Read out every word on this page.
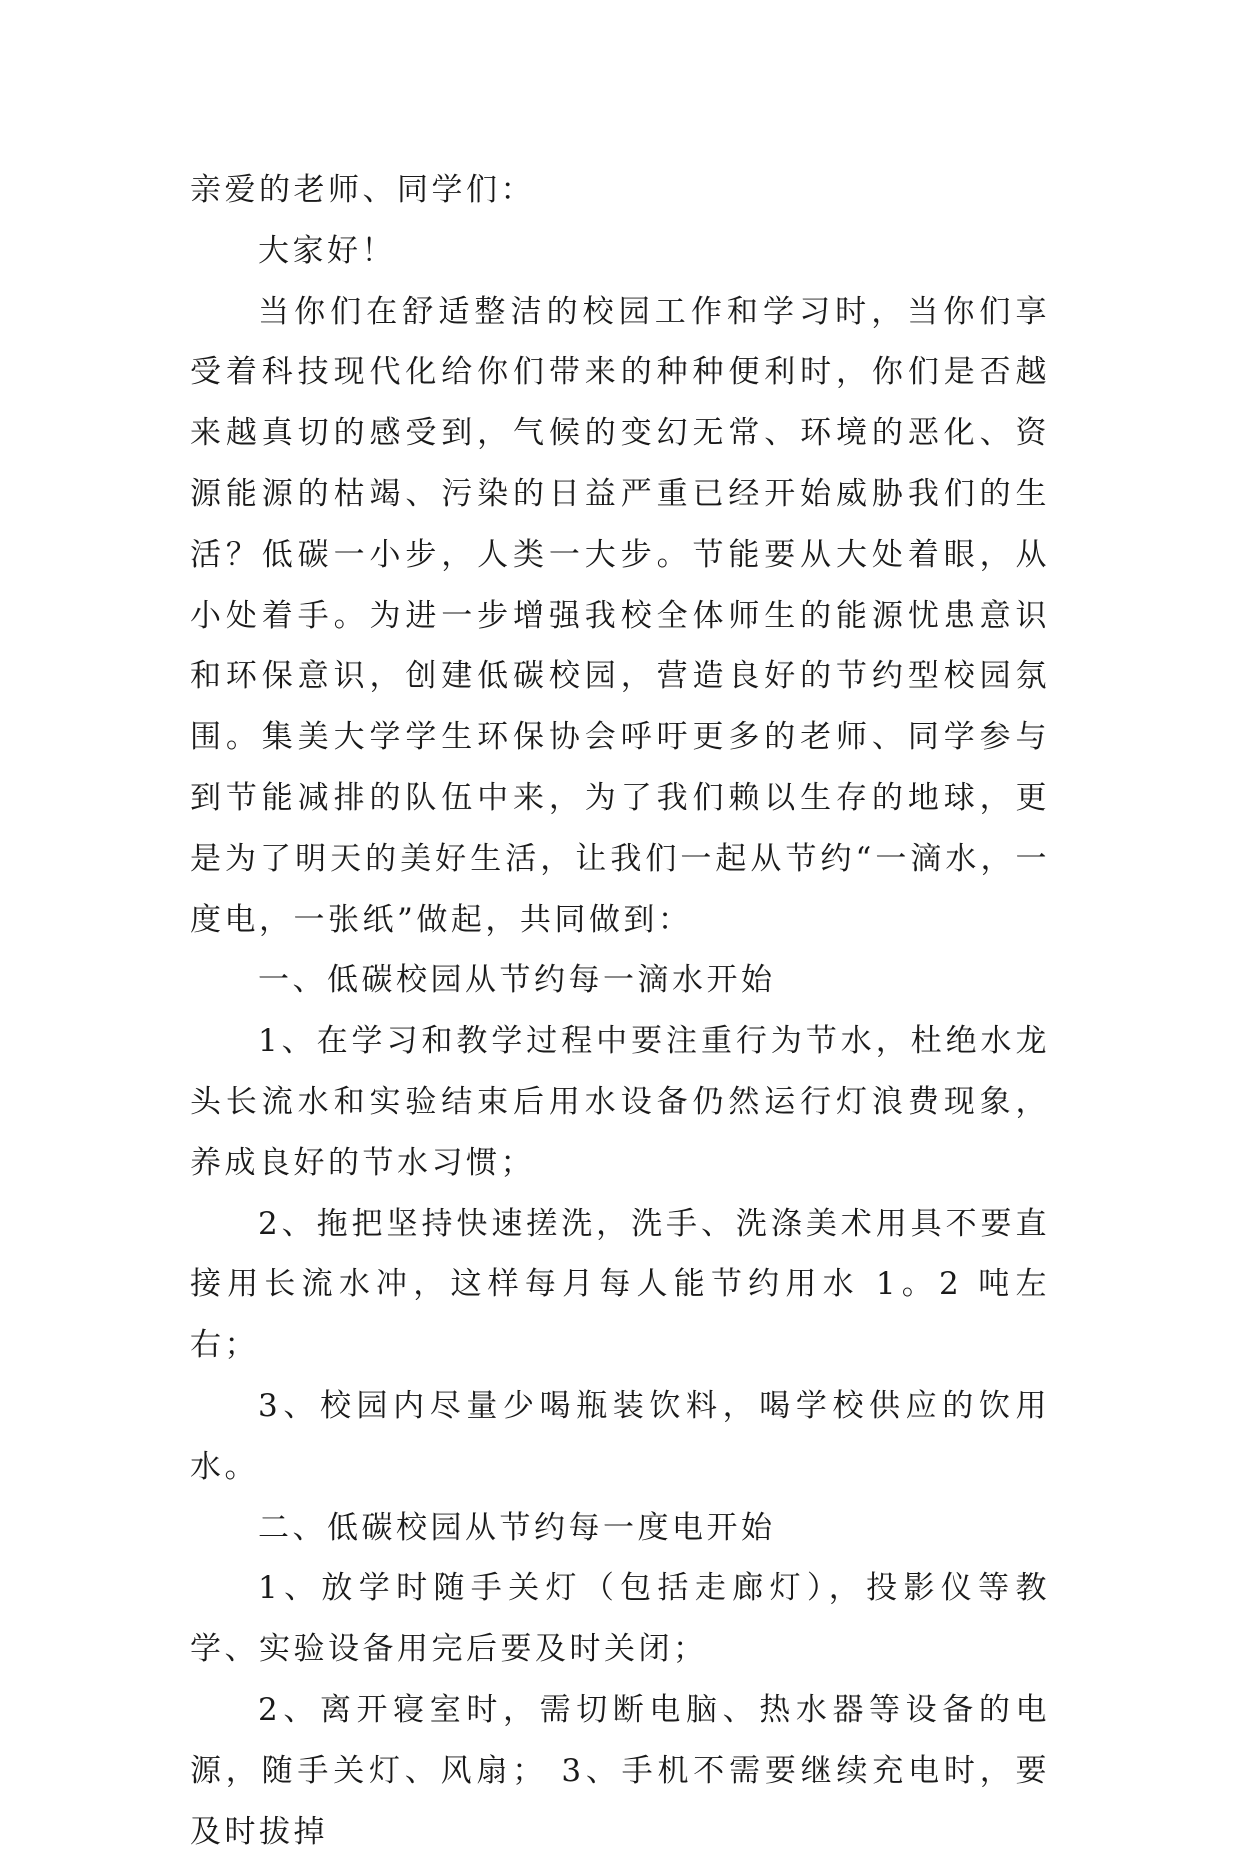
亲爱的老师、同学们：

大家好！

当你们在舒适整洁的校园工作和学习时，当你们享受着科技现代化给你们带来的种种便利时，你们是否越来越真切的感受到，气候的变幻无常、环境的恶化、资源能源的枯竭、污染的日益严重已经开始威胁我们的生活？低碳一小步，人类一大步。节能要从大处着眼，从小处着手。为进一步增强我校全体师生的能源忧患意识和环保意识，创建低碳校园，营造良好的节约型校园氛围。集美大学学生环保协会呼吁更多的老师、同学参与到节能减排的队伍中来，为了我们赖以生存的地球，更是为了明天的美好生活，让我们一起从节约“一滴水，一度电，一张纸”做起，共同做到：

一、低碳校园从节约每一滴水开始

1、在学习和教学过程中要注重行为节水，杜绝水龙头长流水和实验结束后用水设备仍然运行灯浪费现象，养成良好的节水习惯；

2、拖把坚持快速搓洗，洗手、洗涤美术用具不要直接用长流水冲，这样每月每人能节约用水 1。2 吨左右；

3、校园内尽量少喝瓶装饮料，喝学校供应的饮用水。

二、低碳校园从节约每一度电开始

1、放学时随手关灯（包括走廊灯），投影仪等教学、实验设备用完后要及时关闭；

2、离开寝室时，需切断电脑、热水器等设备的电源，随手关灯、风扇； 3、手机不需要继续充电时，要及时拔掉
